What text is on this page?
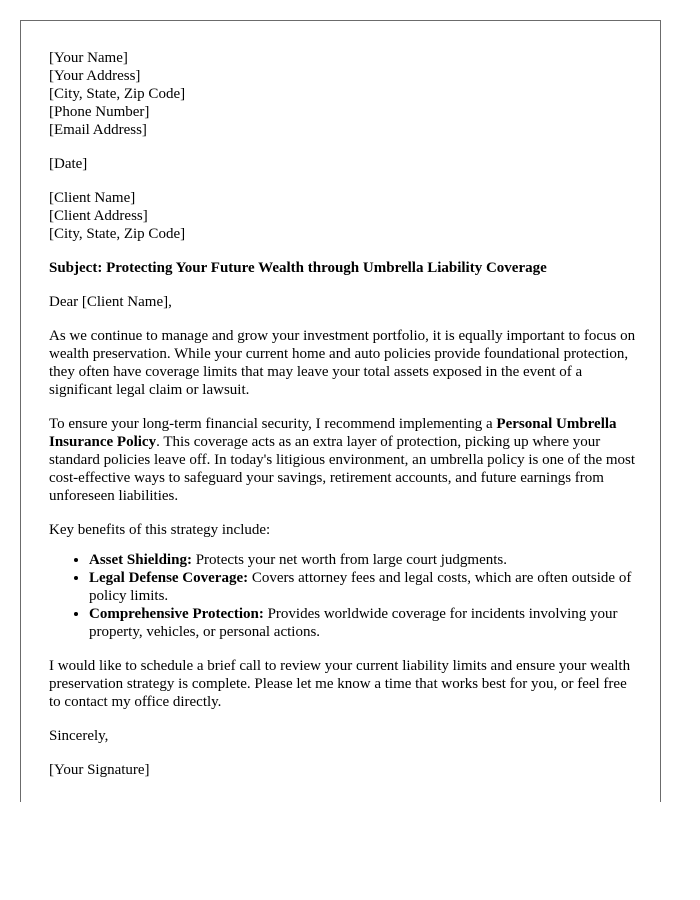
[Your Name]
[Your Address]
[City, State, Zip Code]
[Phone Number]
[Email Address]
[Date]
[Client Name]
[Client Address]
[City, State, Zip Code]

Subject: Protecting Your Future Wealth through Umbrella Liability Coverage

Dear [Client Name],

As we continue to manage and grow your investment portfolio, it is equally important to focus on wealth preservation. While your current home and auto policies provide foundational protection, they often have coverage limits that may leave your total assets exposed in the event of a significant legal claim or lawsuit.

To ensure your long-term financial security, I recommend implementing a Personal Umbrella Insurance Policy. This coverage acts as an extra layer of protection, picking up where your standard policies leave off. In today's litigious environment, an umbrella policy is one of the most cost-effective ways to safeguard your savings, retirement accounts, and future earnings from unforeseen liabilities.

Key benefits of this strategy include:

• Asset Shielding: Protects your net worth from large court judgments.
• Legal Defense Coverage: Covers attorney fees and legal costs, which are often outside of policy limits.
• Comprehensive Protection: Provides worldwide coverage for incidents involving your property, vehicles, or personal actions.

I would like to schedule a brief call to review your current liability limits and ensure your wealth preservation strategy is complete. Please let me know a time that works best for you, or feel free to contact my office directly.

Sincerely,

[Your Signature]
